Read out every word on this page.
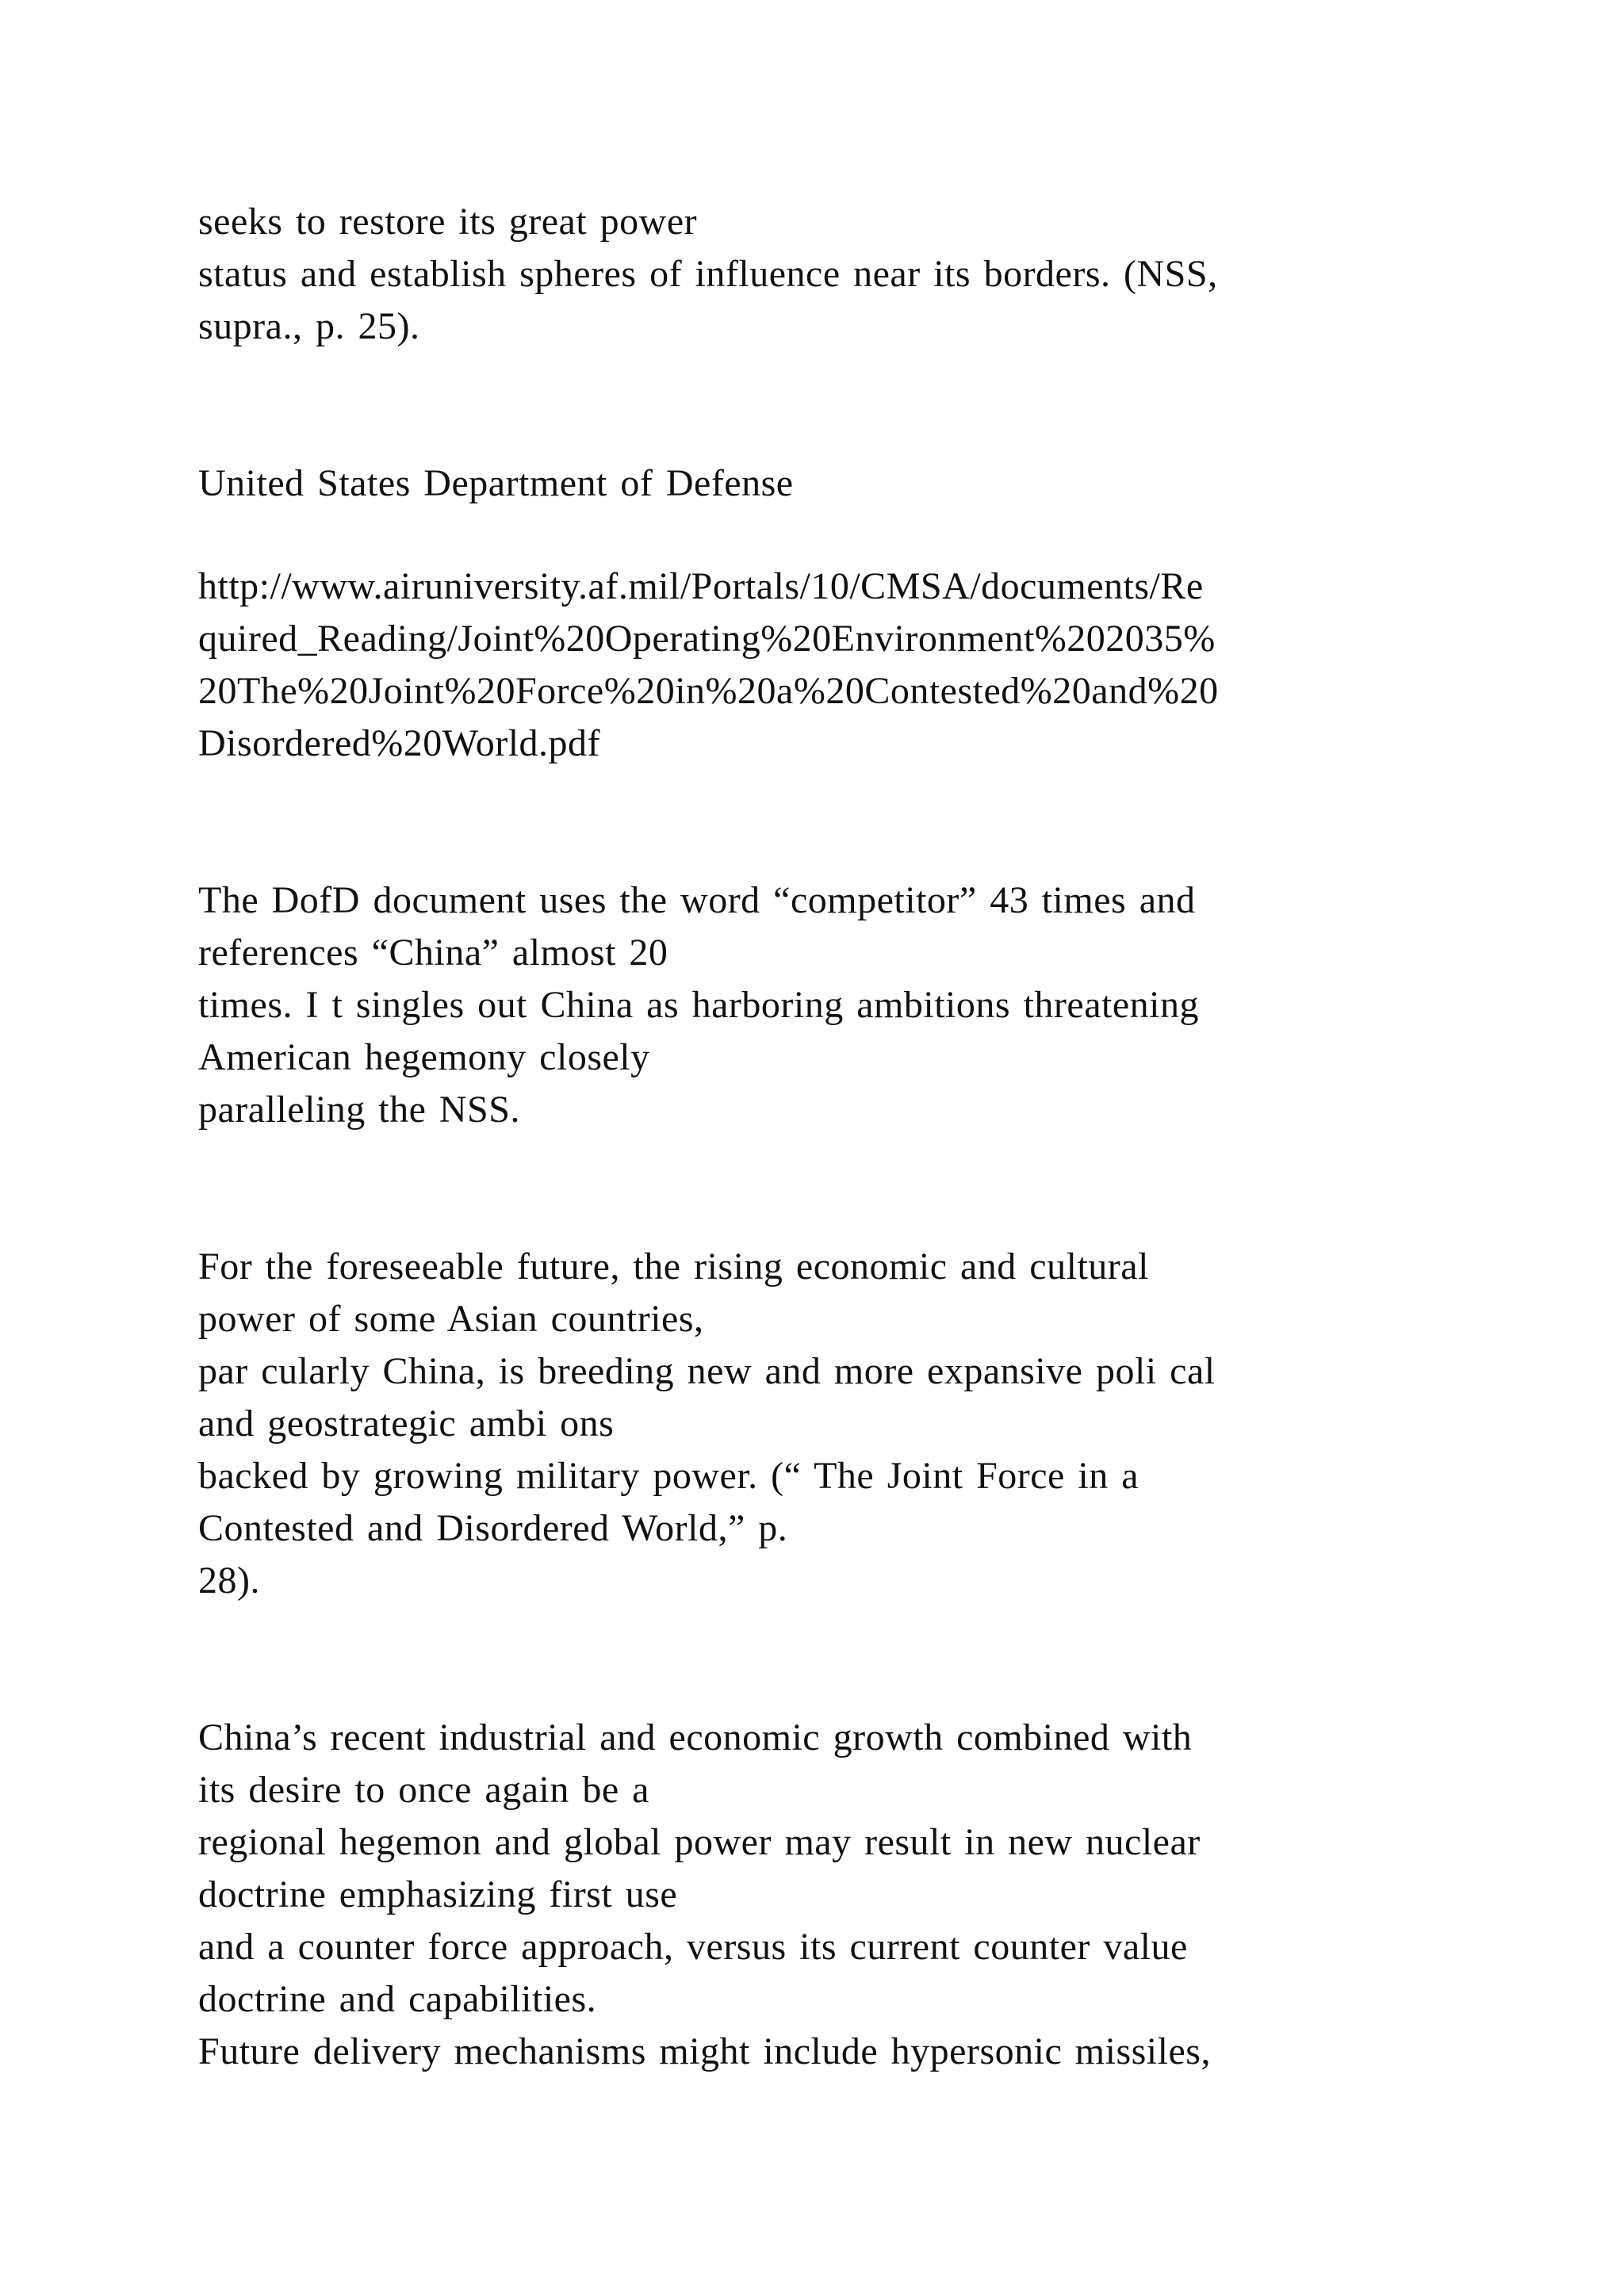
seeks to restore its great power
status and establish spheres of influence near its borders. (NSS,
supra., p. 25).
United States Department of Defense
http://www.airuniversity.af.mil/Portals/10/CMSA/documents/Re
quired_Reading/Joint%20Operating%20Environment%202035%
20The%20Joint%20Force%20in%20a%20Contested%20and%20
Disordered%20World.pdf
The DofD document uses the word “competitor” 43 times and
references “China” almost 20
times. I t singles out China as harboring ambitions threatening
American hegemony closely
paralleling the NSS.
For the foreseeable future, the rising economic and cultural
power of some Asian countries,
par cularly China, is breeding new and more expansive poli cal
and geostrategic ambi ons
backed by growing military power. (“ The Joint Force in a
Contested and Disordered World,” p.
28).
China’s recent industrial and economic growth combined with
its desire to once again be a
regional hegemon and global power may result in new nuclear
doctrine emphasizing first use
and a counter force approach, versus its current counter value
doctrine and capabilities.
Future delivery mechanisms might include hypersonic missiles,
